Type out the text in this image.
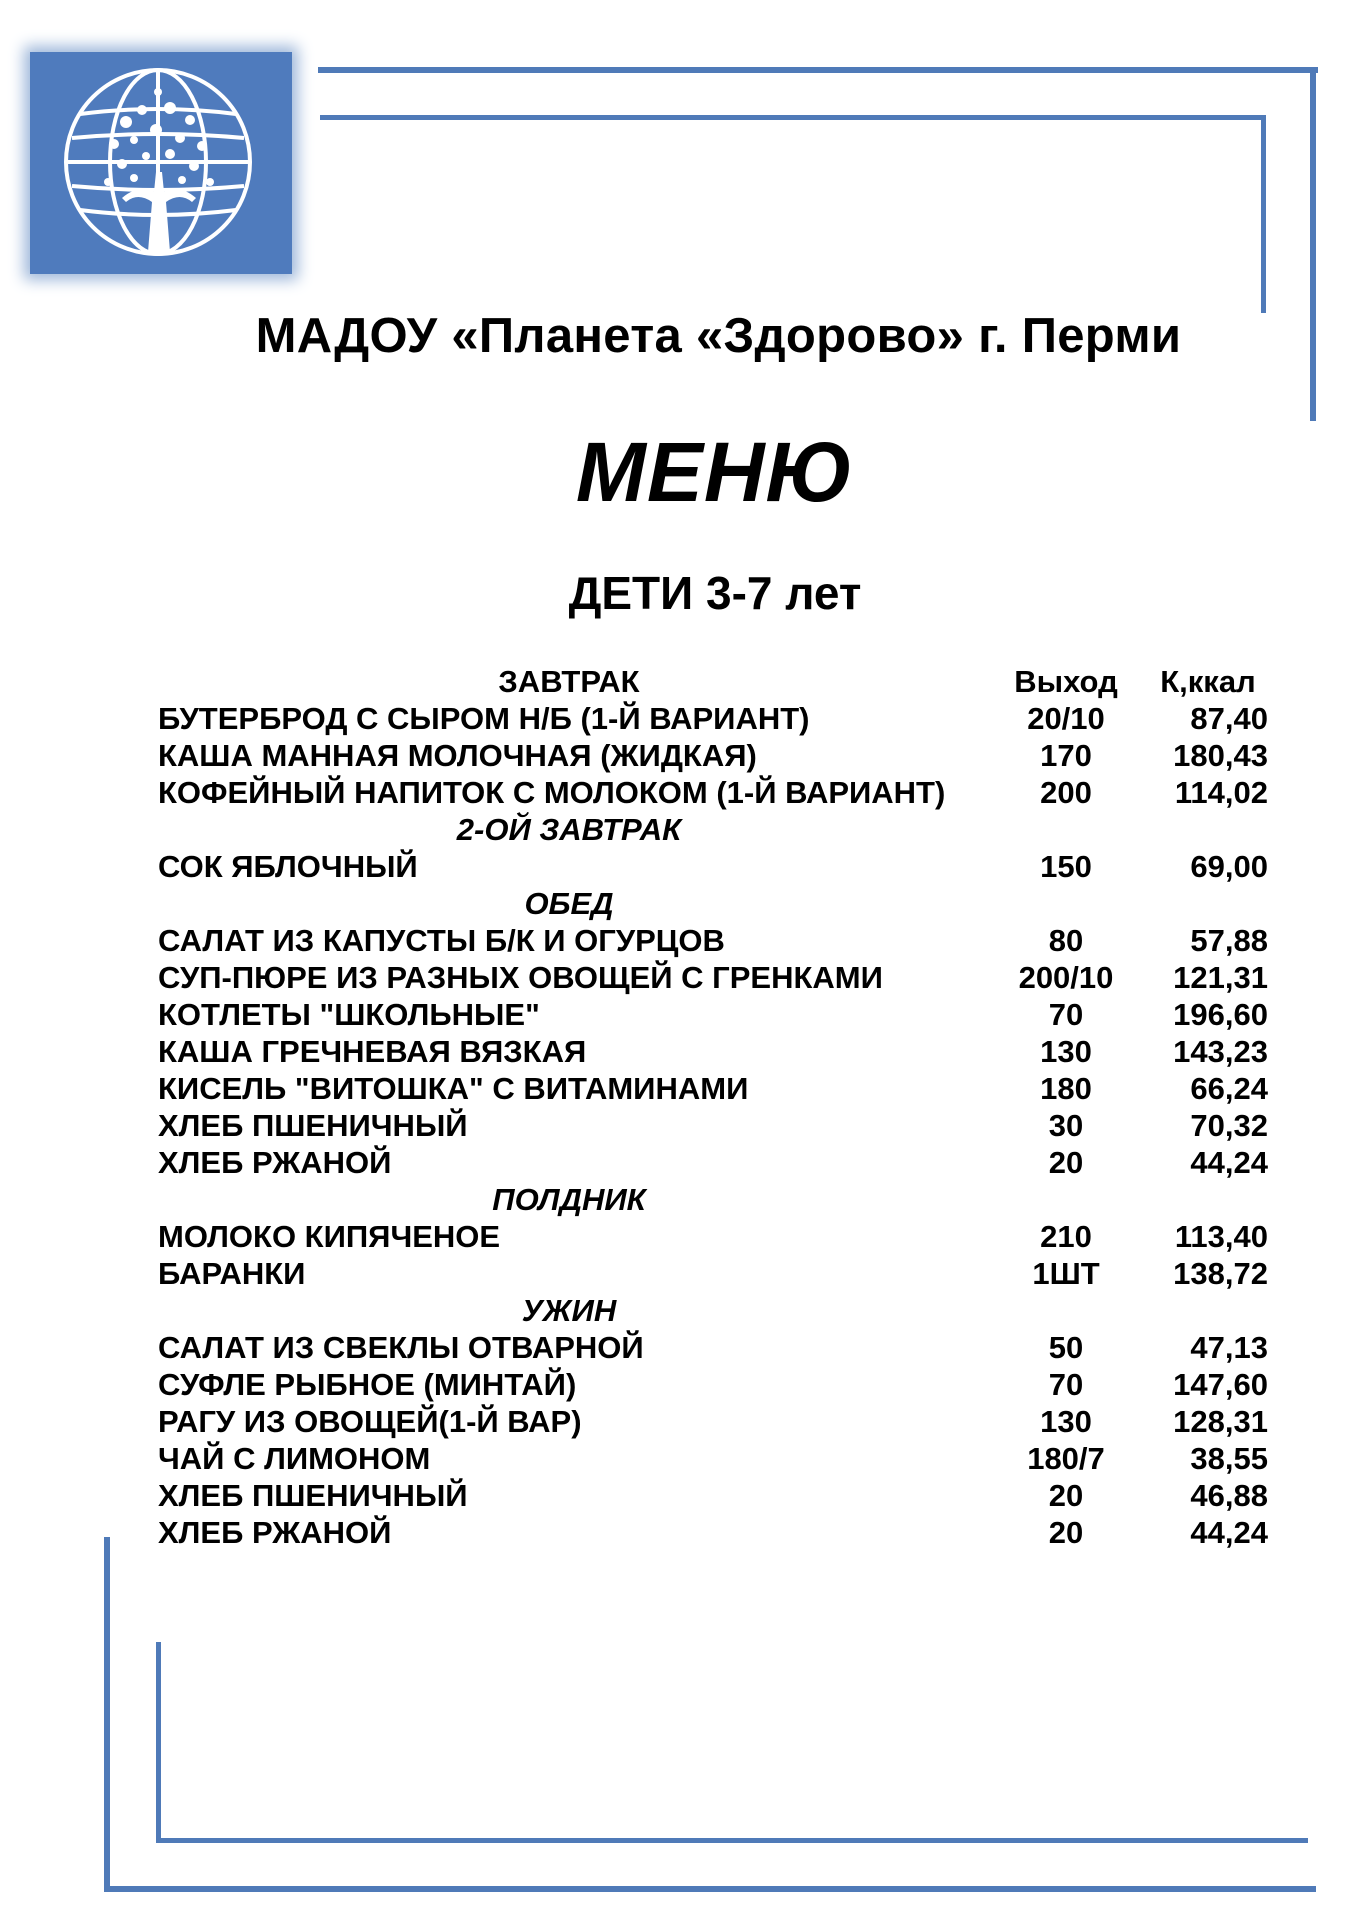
МАДОУ «Планета «Здорово» г. Перми
МЕНЮ
ДЕТИ 3-7 лет
ЗАВТРАК	Выход	К,ккал
БУТЕРБРОД С СЫРОМ Н/Б (1-Й ВАРИАНТ)	20/10	87,40
КАША МАННАЯ МОЛОЧНАЯ (ЖИДКАЯ)	170	180,43
КОФЕЙНЫЙ НАПИТОК С МОЛОКОМ (1-Й ВАРИАНТ)	200	114,02
2-ОЙ ЗАВТРАК
СОК ЯБЛОЧНЫЙ	150	69,00
ОБЕД
САЛАТ ИЗ КАПУСТЫ Б/К И ОГУРЦОВ	80	57,88
СУП-ПЮРЕ ИЗ РАЗНЫХ ОВОЩЕЙ С ГРЕНКАМИ	200/10	121,31
КОТЛЕТЫ "ШКОЛЬНЫЕ"	70	196,60
КАША ГРЕЧНЕВАЯ ВЯЗКАЯ	130	143,23
КИСЕЛЬ "ВИТОШКА" С ВИТАМИНАМИ	180	66,24
ХЛЕБ ПШЕНИЧНЫЙ	30	70,32
ХЛЕБ РЖАНОЙ	20	44,24
ПОЛДНИК
МОЛОКО КИПЯЧЕНОЕ	210	113,40
БАРАНКИ	1ШТ	138,72
УЖИН
САЛАТ ИЗ СВЕКЛЫ ОТВАРНОЙ	50	47,13
СУФЛЕ РЫБНОЕ (МИНТАЙ)	70	147,60
РАГУ ИЗ ОВОЩЕЙ(1-Й ВАР)	130	128,31
ЧАЙ С ЛИМОНОМ	180/7	38,55
ХЛЕБ ПШЕНИЧНЫЙ	20	46,88
ХЛЕБ РЖАНОЙ	20	44,24
